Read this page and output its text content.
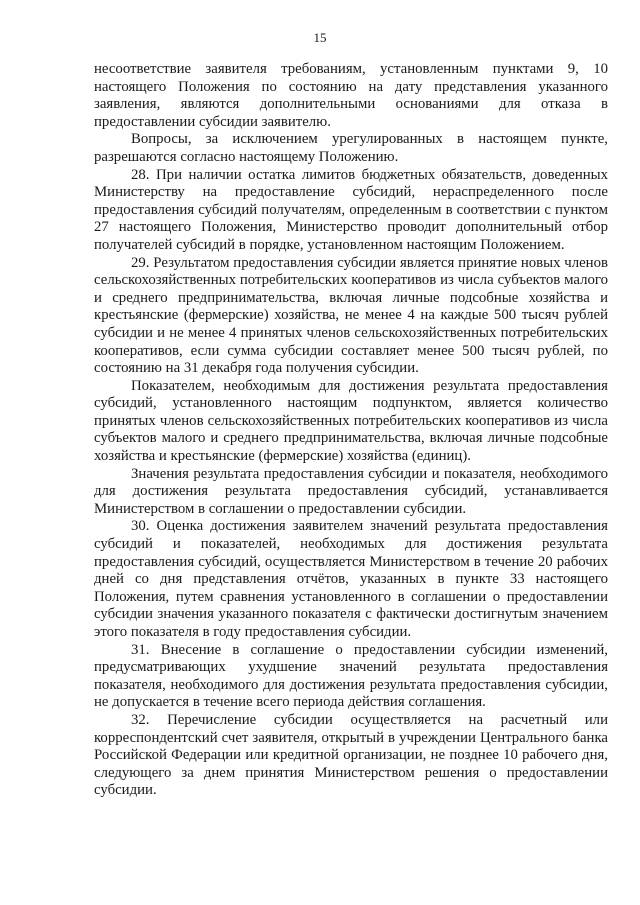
15

несоответствие заявителя требованиям, установленным пунктами 9, 10 настоящего Положения по состоянию на дату представления указанного заявления, являются дополнительными основаниями для отказа в предоставлении субсидии заявителю.

Вопросы, за исключением урегулированных в настоящем пункте, разрешаются согласно настоящему Положению.

28. При наличии остатка лимитов бюджетных обязательств, доведенных Министерству на предоставление субсидий, нераспределенного после предоставления субсидий получателям, определенным в соответствии с пунктом 27 настоящего Положения, Министерство проводит дополнительный отбор получателей субсидий в порядке, установленном настоящим Положением.

29. Результатом предоставления субсидии является принятие новых членов сельскохозяйственных потребительских кооперативов из числа субъектов малого и среднего предпринимательства, включая личные подсобные хозяйства и крестьянские (фермерские) хозяйства, не менее 4 на каждые 500 тысяч рублей субсидии и не менее 4 принятых членов сельскохозяйственных потребительских кооперативов, если сумма субсидии составляет менее 500 тысяч рублей, по состоянию на 31 декабря года получения субсидии.

Показателем, необходимым для достижения результата предоставления субсидий, установленного настоящим подпунктом, является количество принятых членов сельскохозяйственных потребительских кооперативов из числа субъектов малого и среднего предпринимательства, включая личные подсобные хозяйства и крестьянские (фермерские) хозяйства (единиц).

Значения результата предоставления субсидии и показателя, необходимого для достижения результата предоставления субсидий, устанавливается Министерством в соглашении о предоставлении субсидии.

30. Оценка достижения заявителем значений результата предоставления субсидий и показателей, необходимых для достижения результата предоставления субсидий, осуществляется Министерством в течение 20 рабочих дней со дня представления отчётов, указанных в пункте 33 настоящего Положения, путем сравнения установленного в соглашении о предоставлении субсидии значения указанного показателя с фактически достигнутым значением этого показателя в году предоставления субсидии.

31. Внесение в соглашение о предоставлении субсидии изменений, предусматривающих ухудшение значений результата предоставления показателя, необходимого для достижения результата предоставления субсидии, не допускается в течение всего периода действия соглашения.

32. Перечисление субсидии осуществляется на расчетный или корреспондентский счет заявителя, открытый в учреждении Центрального банка Российской Федерации или кредитной организации, не позднее 10 рабочего дня, следующего за днем принятия Министерством решения о предоставлении субсидии.
